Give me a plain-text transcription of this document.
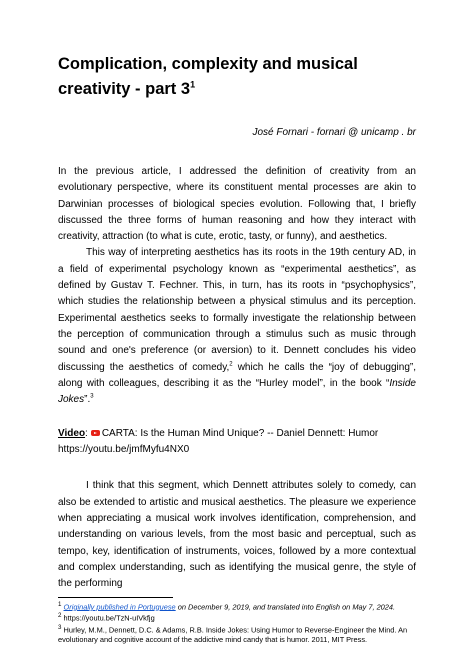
Complication, complexity and musical creativity - part $3^1$
José Fornari - fornari @ unicamp . br

In the previous article, I addressed the definition of creativity from an evolutionary perspective, where its constituent mental processes are akin to Darwinian processes of biological species evolution. Following that, I briefly discussed the three forms of human reasoning and how they interact with creativity, attraction (to what is cute, erotic, tasty, or funny), and aesthetics.

This way of interpreting aesthetics has its roots in the 19th century AD, in a field of experimental psychology known as “experimental aesthetics”, as defined by Gustav T. Fechner. This, in turn, has its roots in “psychophysics”, which studies the relationship between a physical stimulus and its perception. Experimental aesthetics seeks to formally investigate the relationship between the perception of communication through a stimulus such as music through sound and one's preference (or aversion) to it. Dennett concludes his video discussing the aesthetics of comedy,$^2$ which he calls the “joy of debugging”, along with colleagues, describing it as the “Hurley model”, in the book “Inside Jokes”.$^3$

Video: CARTA: Is the Human Mind Unique? -- Daniel Dennett: Humor
https://youtu.be/jmfMyfu4NX0

I think that this segment, which Dennett attributes solely to comedy, can also be extended to artistic and musical aesthetics. The pleasure we experience when appreciating a musical work involves identification, comprehension, and understanding on various levels, from the most basic and perceptual, such as tempo, key, identification of instruments, voices, followed by a more contextual and complex understanding, such as identifying the musical genre, the style of the performing

$^1$ Originally published in Portuguese on December 9, 2019, and translated into English on May 7, 2024.
$^2$ https://youtu.be/TzN-uIVkfjg
$^3$ Hurley, M.M., Dennett, D.C. & Adams, R.B. Inside Jokes: Using Humor to Reverse-Engineer the Mind. An evolutionary and cognitive account of the addictive mind candy that is humor. 2011, MIT Press.
